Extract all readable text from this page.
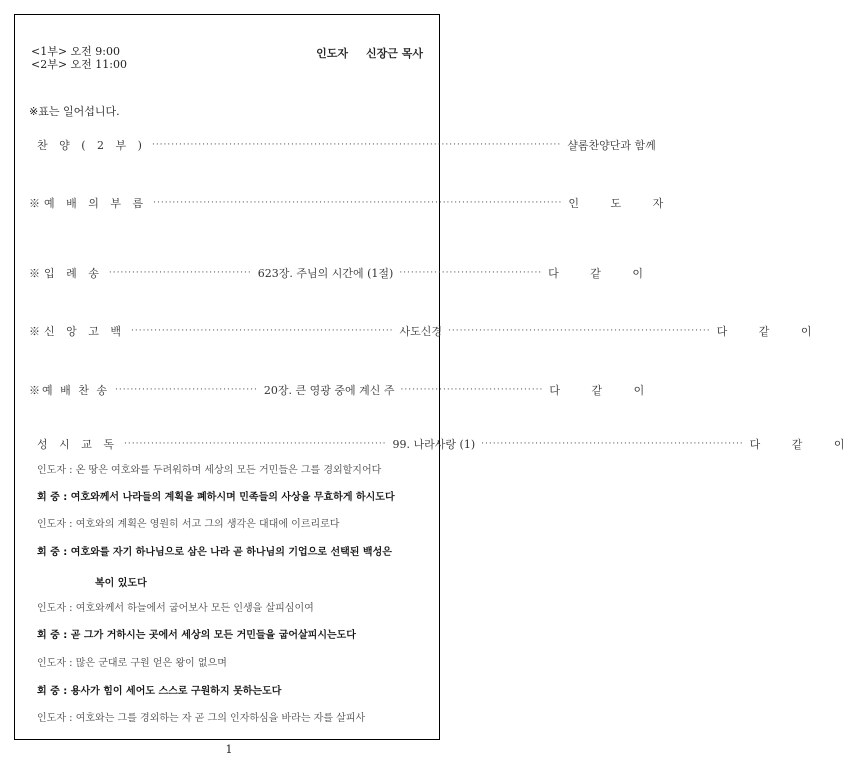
<1부> 오전 9:00
<2부> 오전 11:00
인도자 신장근 목사
※표는 일어섭니다.
찬 양 ( 2 부 ) ·········································································································· 샬롬찬양단과 함께
※예 배 의 부 름 ·········································································································· 인 도 자
※입 례 송 ····································· 623장. 주님의 시간에 (1절) ····································· 다 같 이
※신 앙 고 백 ···································································· 사도신경 ···································································· 다 같 이
※예 배 찬 송 ····································· 20장. 큰 영광 중에 계신 주 ····································· 다 같 이
성 시 교 독 ···································································· 99. 나라사랑 (1) ···································································· 다 같 이
인도자 : 온 땅은 여호와를 두려워하며 세상의 모든 거민들은 그를 경외할지어다
회 중 : 여호와께서 나라들의 계획을 폐하시며 민족들의 사상을 무효하게 하시도다
인도자 : 여호와의 계획은 영원히 서고 그의 생각은 대대에 이르리로다
회 중 : 여호와를 자기 하나님으로 삼은 나라 곧 하나님의 기업으로 선택된 백성은
복이 있도다
인도자 : 여호와께서 하늘에서 굽어보사 모든 인생을 살피심이여
회 중 : 곧 그가 거하시는 곳에서 세상의 모든 거민들을 굽어살피시는도다
인도자 : 많은 군대로 구원 얻은 왕이 없으며
회 중 : 용사가 힘이 세어도 스스로 구원하지 못하는도다
인도자 : 여호와는 그를 경외하는 자 곧 그의 인자하심을 바라는 자를 살피사
1
